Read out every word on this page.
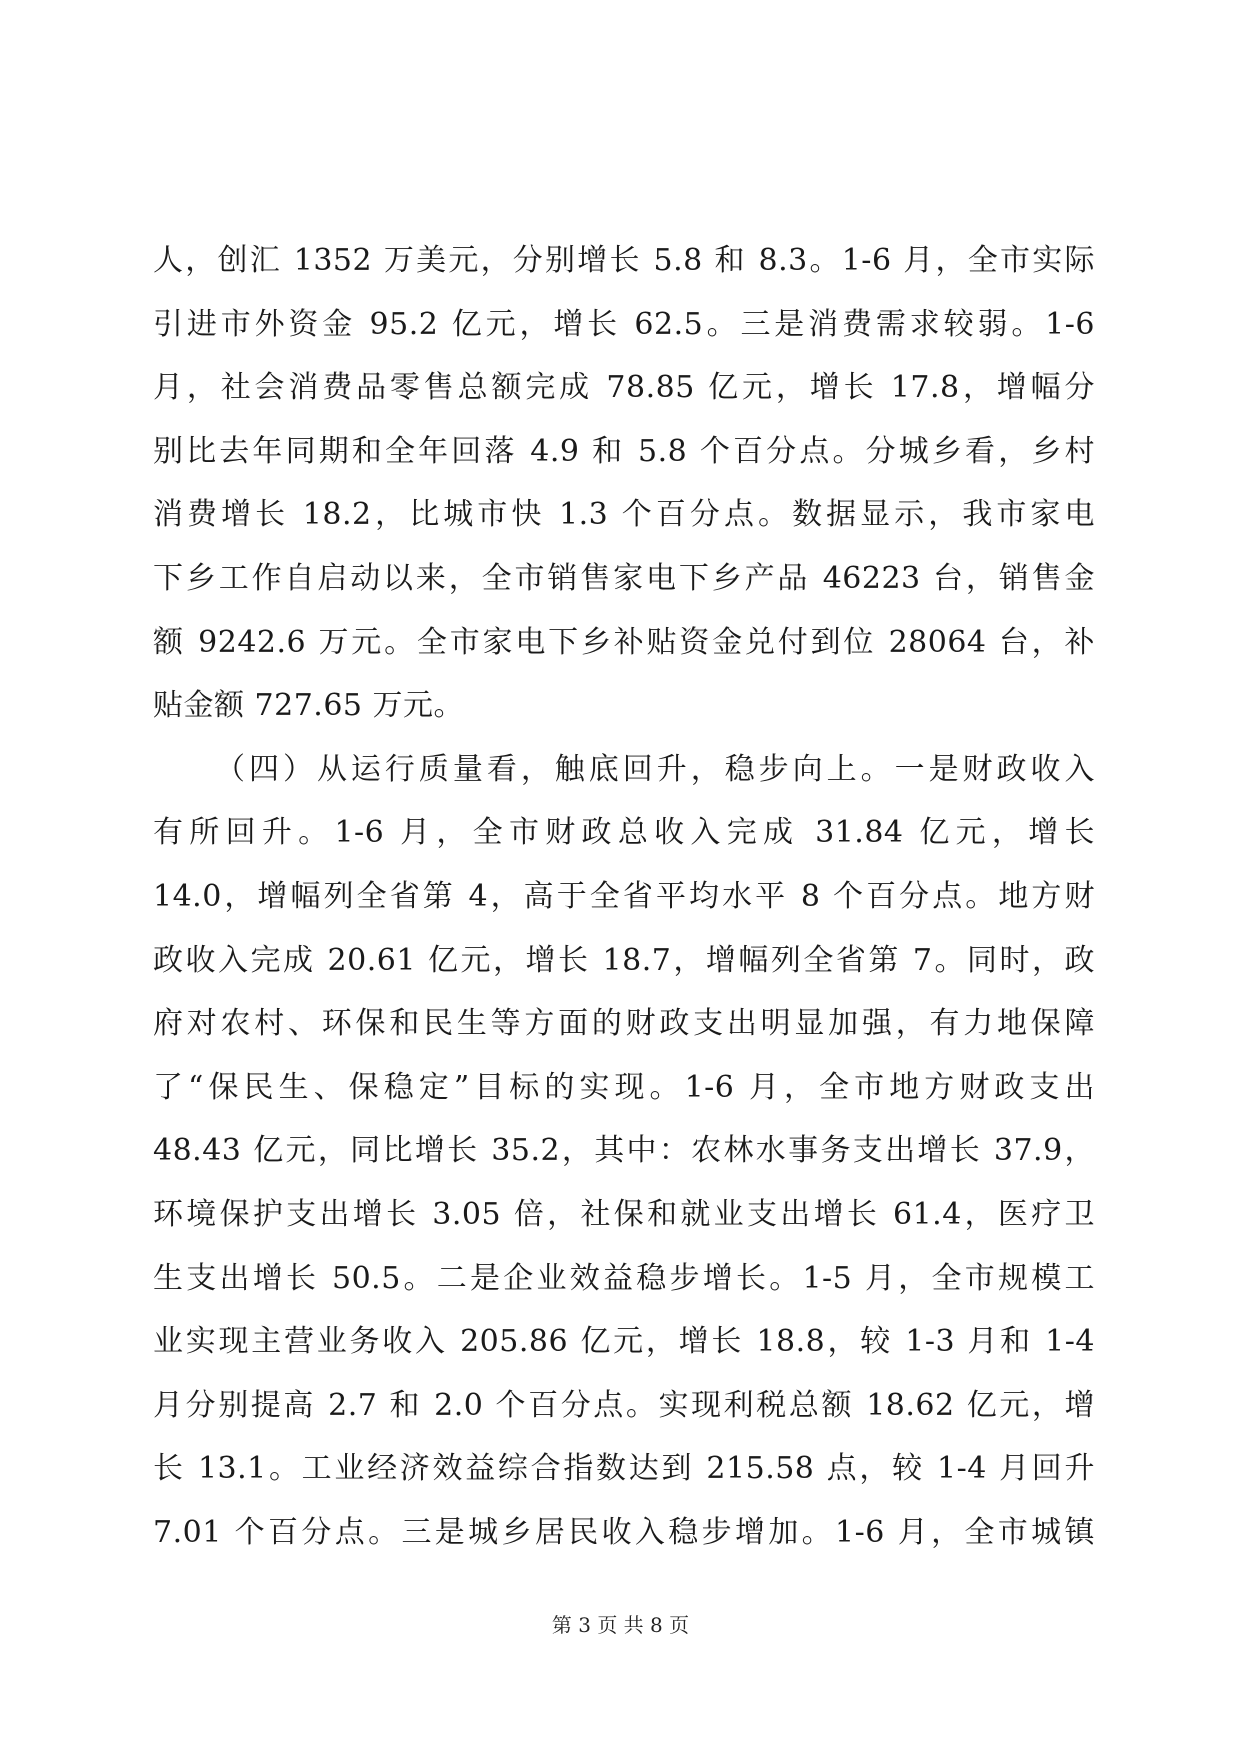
人，创汇 1352 万美元，分别增长 5.8 和 8.3。1-6 月，全市实际
引进市外资金 95.2 亿元，增长 62.5。三是消费需求较弱。1-6
月，社会消费品零售总额完成 78.85 亿元，增长 17.8，增幅分
别比去年同期和全年回落 4.9 和 5.8 个百分点。分城乡看，乡村
消费增长 18.2，比城市快 1.3 个百分点。数据显示，我市家电
下乡工作自启动以来，全市销售家电下乡产品 46223 台，销售金
额 9242.6 万元。全市家电下乡补贴资金兑付到位 28064 台，补
贴金额 727.65 万元。
（四）从运行质量看，触底回升，稳步向上。一是财政收入
有所回升。1-6 月，全市财政总收入完成 31.84 亿元，增长
14.0，增幅列全省第 4，高于全省平均水平 8 个百分点。地方财
政收入完成 20.61 亿元，增长 18.7，增幅列全省第 7。同时，政
府对农村、环保和民生等方面的财政支出明显加强，有力地保障
了“保民生、保稳定”目标的实现。1-6 月，全市地方财政支出
48.43 亿元，同比增长 35.2，其中：农林水事务支出增长 37.9，
环境保护支出增长 3.05 倍，社保和就业支出增长 61.4，医疗卫
生支出增长 50.5。二是企业效益稳步增长。1-5 月，全市规模工
业实现主营业务收入 205.86 亿元，增长 18.8，较 1-3 月和 1-4
月分别提高 2.7 和 2.0 个百分点。实现利税总额 18.62 亿元，增
长 13.1。工业经济效益综合指数达到 215.58 点，较 1-4 月回升
7.01 个百分点。三是城乡居民收入稳步增加。1-6 月，全市城镇
第 3 页 共 8 页
